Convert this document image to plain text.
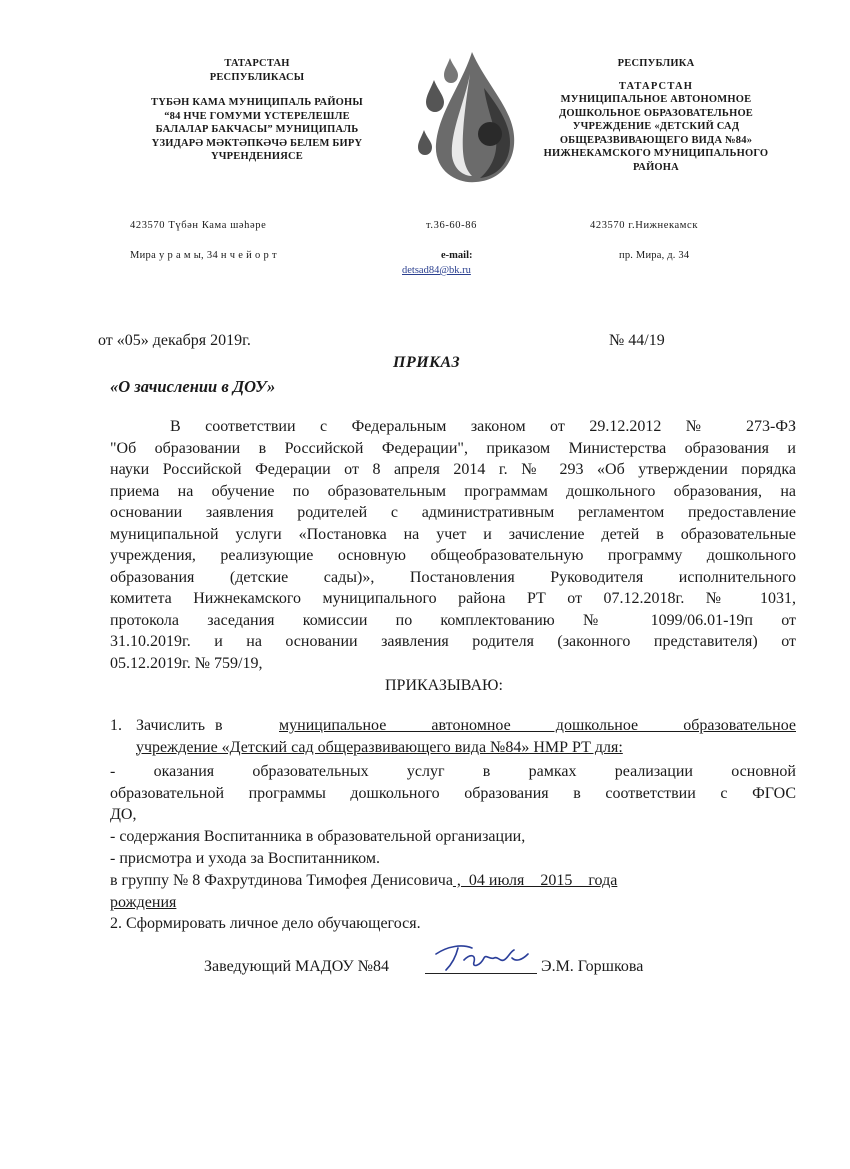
ТАТАРСТАН
РЕСПУБЛИКАСЫ
ТҮБӘН КАМА МУНИЦИПАЛЬ РАЙОНЫ
“84 НЧЕ ГОМУМИ ҮСТЕРЕЛЕШЛЕ
БАЛАЛАР БАКЧАСЫ” МУНИЦИПАЛЬ
ҮЗИДАРӘ МӘКТӘПКӘЧӘ БЕЛЕМ БИРҮ
ҮЧРЕНДЕНИЯСЕ
РЕСПУБЛИКА
ТАТАРСТАН
МУНИЦИПАЛЬНОЕ АВТОНОМНОЕ
ДОШКОЛЬНОЕ ОБРАЗОВАТЕЛЬНОЕ
УЧРЕЖДЕНИЕ «ДЕТСКИЙ САД
ОБЩЕРАЗВИВАЮЩЕГО ВИДА №84»
НИЖНЕКАМСКОГО МУНИЦИПАЛЬНОГО
РАЙОНА
423570 Түбән Кама шәһәре
Мира у р а м ы, 34 н ч е й о р т
т.36-60-86
e-mail:
detsad84@bk.ru
423570 г.Нижнекамск
пр. Мира, д. 34
от «05» декабря 2019г.	№ 44/19
ПРИКАЗ
«О зачислении в ДОУ»
В соответствии с Федеральным законом от 29.12.2012 № 273-ФЗ
"Об образовании в Российской Федерации", приказом Министерства образования и
науки Российской Федерации от 8 апреля 2014 г. № 293 «Об утверждении порядка
приема на обучение по образовательным программам дошкольного образования, на
основании заявления родителей с административным регламентом предоставление
муниципальной услуги «Постановка на учет и зачисление детей в образовательные
учреждения, реализующие основную общеобразовательную программу дошкольного
образования (детские сады)», Постановления Руководителя исполнительного
комитета Нижнекамского муниципального района РТ от 07.12.2018г. № 1031,
протокола заседания комиссии по комплектованию № 1099/06.01-19п от
31.10.2019г. и на основании заявления родителя (законного представителя) от
05.12.2019г. № 759/19,
ПРИКАЗЫВАЮ:
1. Зачислить в	муниципальное автономное дошкольное образовательное
учреждение «Детский сад общеразвивающего вида №84» НМР РТ для:
- оказания образовательных услуг в рамках реализации основной
образовательной программы дошкольного образования в соответствии с ФГОС
ДО,
- содержания Воспитанника в образовательной организации,
- присмотра и ухода за Воспитанником.
в группу № 8 Фахрутдинова Тимофея Денисовича ,  04 июля    2015    года
рождения
2. Сформировать личное дело обучающегося.
Заведующий МАДОУ №84	Э.М. Горшкова
